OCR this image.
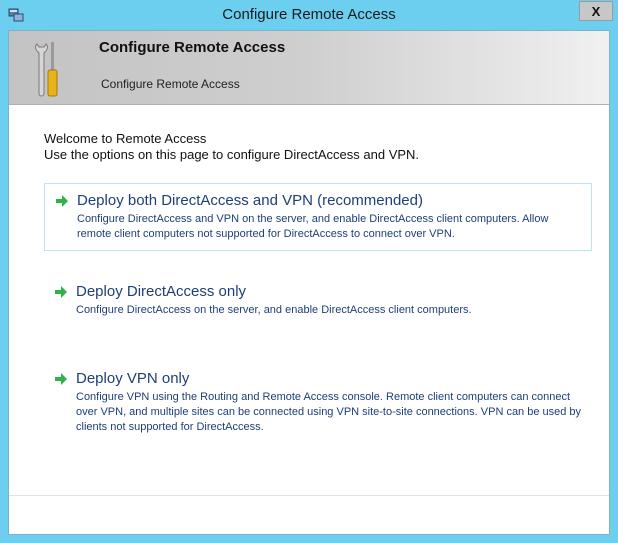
Configure Remote Access	X
Configure Remote Access
Configure Remote Access
Welcome to Remote Access
Use the options on this page to configure DirectAccess and VPN.
Deploy both DirectAccess and VPN (recommended)
Configure DirectAccess and VPN on the server, and enable DirectAccess client computers. Allow remote client computers not supported for DirectAccess to connect over VPN.
Deploy DirectAccess only
Configure DirectAccess on the server, and enable DirectAccess client computers.
Deploy VPN only
Configure VPN using the Routing and Remote Access console. Remote client computers can connect over VPN, and multiple sites can be connected using VPN site-to-site connections. VPN can be used by clients not supported for DirectAccess.
